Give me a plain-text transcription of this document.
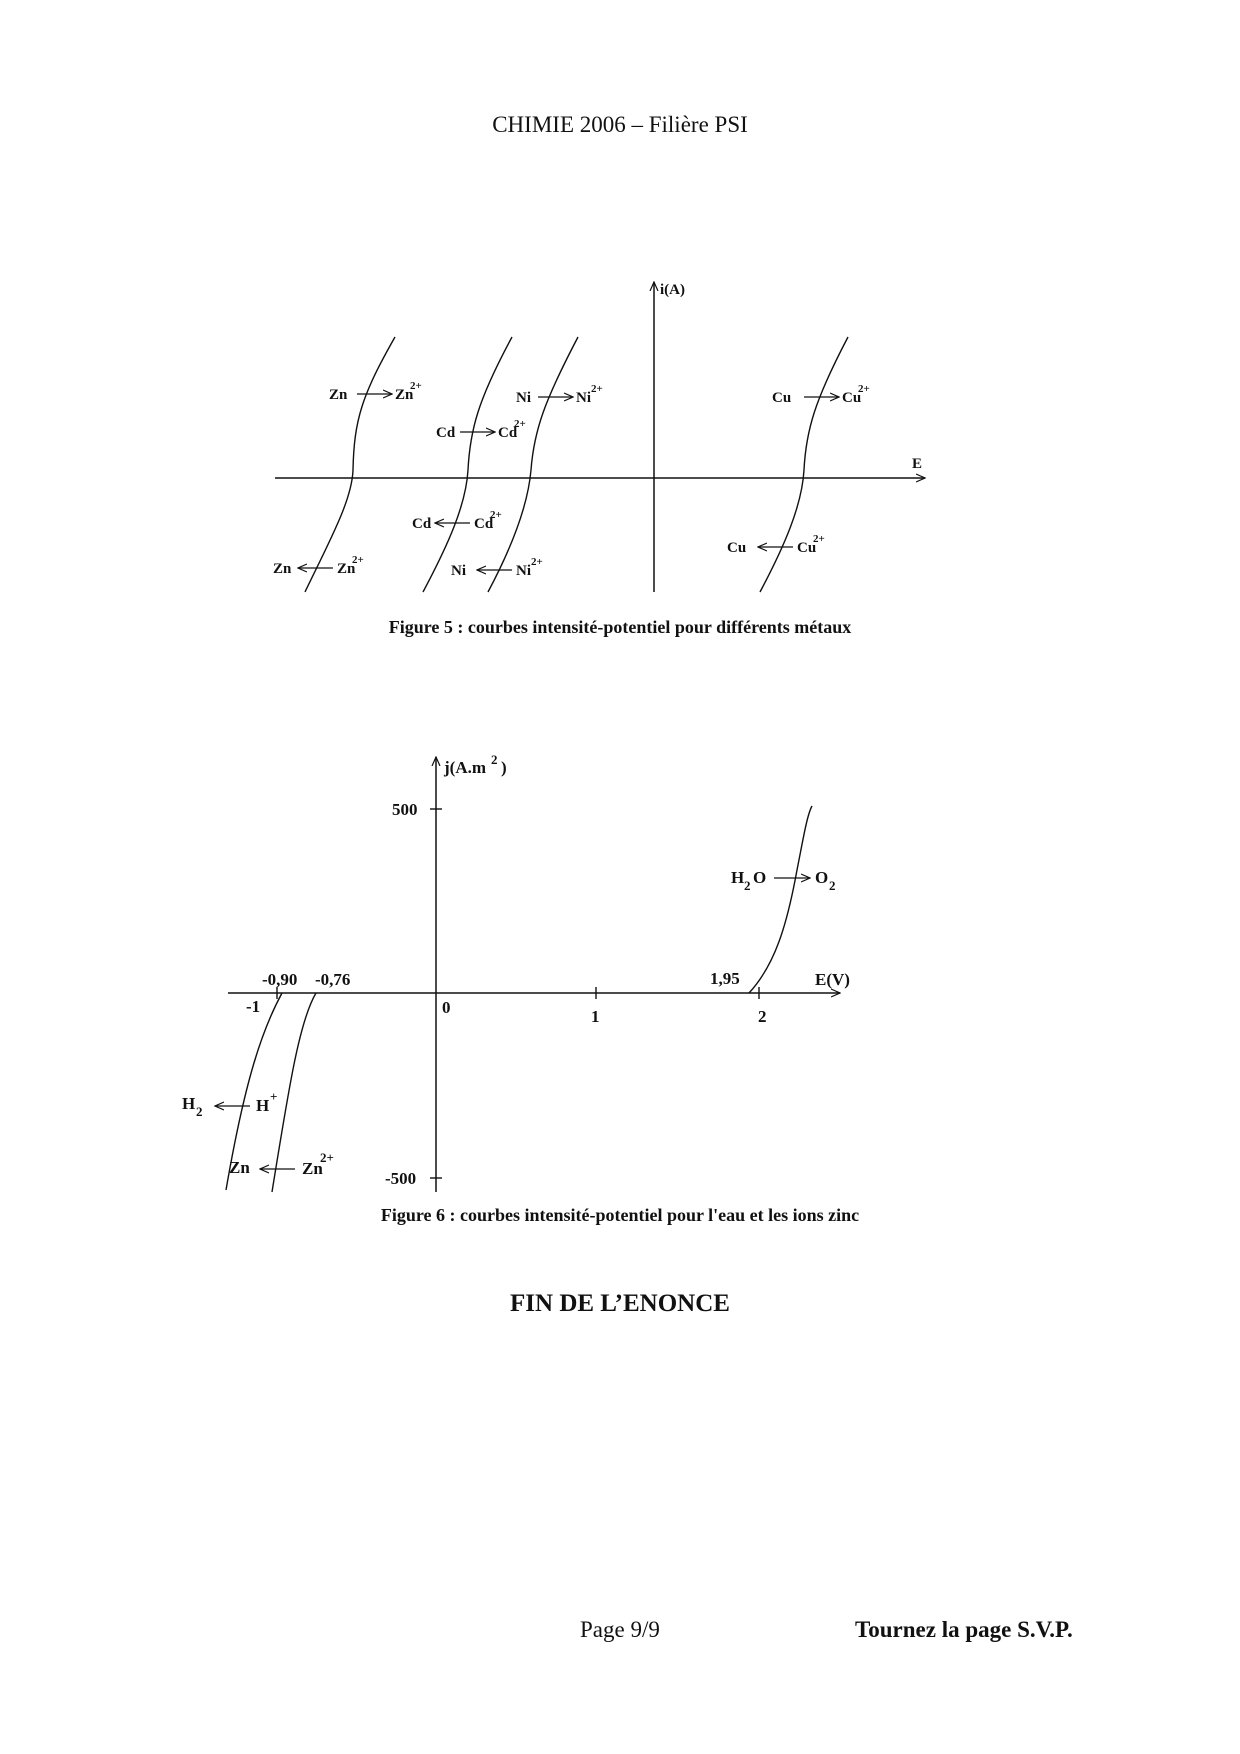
CHIMIE 2006 – Filière PSI
i(A)
E
Zn	Zn
2+
Ni	Ni
2+
Cd	Cd
2+
Cu	Cu
2+
Cd	Cd
2+
Cu	Cu
2+
Zn	Zn
2+
Ni	Ni
2+
Figure 5 : courbes intensité-potentiel pour différents métaux
j(A.m 2 )
E(V)
500
-500
-1	0	1	2
-0,90 -0,76	1,95
H 2 O	O 2
H 2	H +
Zn	Zn
2+
Figure 6 : courbes intensité-potentiel pour l'eau et les ions zinc
FIN DE L’ENONCE
Page 9/9	Tournez la page S.V.P.
